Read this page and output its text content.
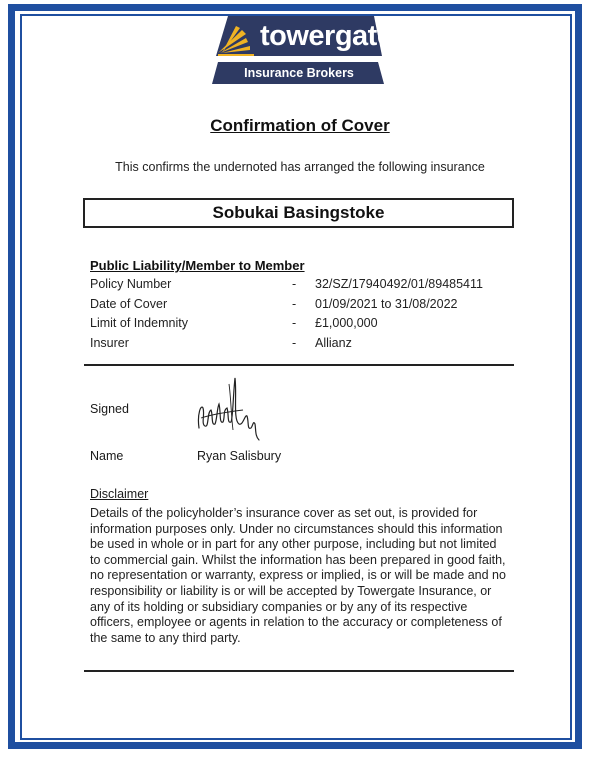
towergate
Insurance Brokers
Confirmation of Cover
This confirms the undernoted has arranged the following insurance
Sobukai Basingstoke
Public Liability/Member to Member
Policy Number	- 32/SZ/17940492/01/89485411
Date of Cover	- 01/09/2021 to 31/08/2022
Limit of Indemnity	- £1,000,000
Insurer	- Allianz
Signed
Name	Ryan Salisbury
Disclaimer
Details of the policyholder’s insurance cover as set out, is provided for information purposes only. Under no circumstances should this information be used in whole or in part for any other purpose, including but not limited to commercial gain. Whilst the information has been prepared in good faith, no representation or warranty, express or implied, is or will be made and no responsibility or liability is or will be accepted by Towergate Insurance, or any of its holding or subsidiary companies or by any of its respective officers, employee or agents in relation to the accuracy or completeness of the same to any third party.
